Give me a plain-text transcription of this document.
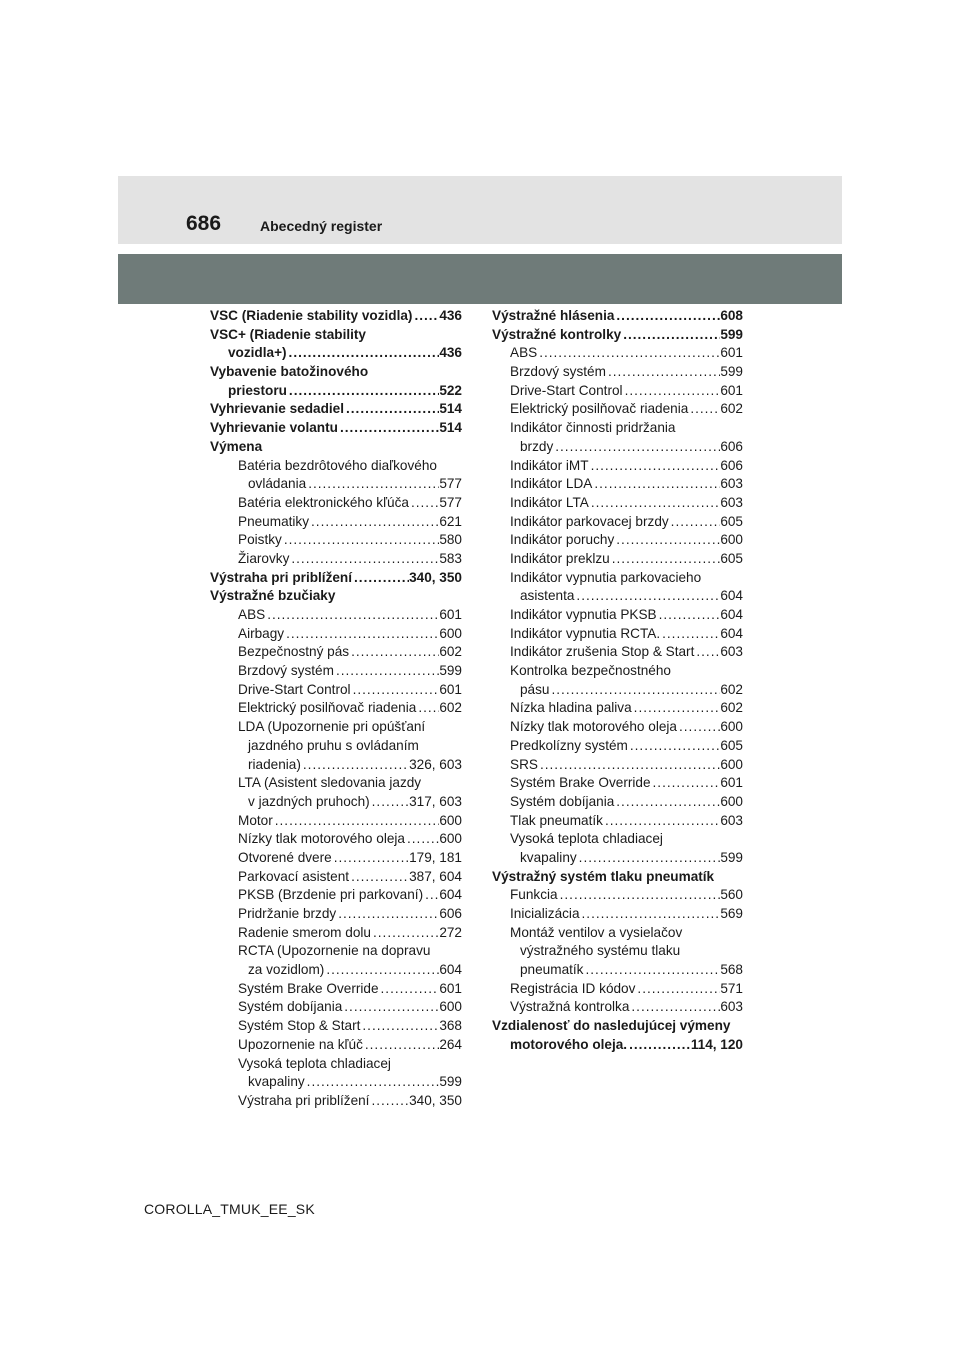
686	Abecedný register
VSC (Riadenie stability vozidla) ..... 436
VSC+ (Riadenie stability
vozidla+) .....	436
Vybavenie batožinového
priestoru .....	522
Vyhrievanie sedadiel .....	514
Vyhrievanie volantu .....	514
Výmena
Batéria bezdrôtového diaľkového
ovládania .....	577
Batéria elektronického kľúča ..... 577
Pneumatiky .....	621
Poistky .....	580
Žiarovky .....	583
Výstraha pri priblížení .....	340, 350
Výstražné bzučiaky
ABS .....	601
Airbagy .....	600
Bezpečnostný pás .....	602
Brzdový systém .....	599
Drive-Start Control .....	601
Elektrický posilňovač riadenia ..... 602
LDA (Upozornenie pri opúšťaní
jazdného pruhu s ovládaním
riadenia) .....	326, 603
LTA (Asistent sledovania jazdy
v jazdných pruhoch) .....	317, 603
Motor .....	600
Nízky tlak motorového oleja .....	600
Otvorené dvere .....	179, 181
Parkovací asistent .....	387, 604
PKSB (Brzdenie pri parkovaní) ..... 604
Pridržanie brzdy .....	606
Radenie smerom dolu .....	272
RCTA (Upozornenie na dopravu
za vozidlom) .....	604
Systém Brake Override .....	601
Systém dobíjania .....	600
Systém Stop & Start .....	368
Upozornenie na kľúč .....	264
Vysoká teplota chladiacej
kvapaliny .....	599
Výstraha pri priblížení .....	340, 350
Výstražné hlásenia .....	608
Výstražné kontrolky .....	599
ABS .....	601
Brzdový systém .....	599
Drive-Start Control .....	601
Elektrický posilňovač riadenia ..... 602
Indikátor činnosti pridržania
brzdy .....	606
Indikátor iMT .....	606
Indikátor LDA .....	603
Indikátor LTA .....	603
Indikátor parkovacej brzdy .....	605
Indikátor poruchy .....	600
Indikátor preklzu .....	605
Indikátor vypnutia parkovacieho
asistenta .....	604
Indikátor vypnutia PKSB .....	604
Indikátor vypnutia RCTA. .....	604
Indikátor zrušenia Stop & Start ..... 603
Kontrolka bezpečnostného
pásu .....	602
Nízka hladina paliva .....	602
Nízky tlak motorového oleja .....	600
Predkolízny systém .....	605
SRS .....	600
Systém Brake Override .....	601
Systém dobíjania .....	600
Tlak pneumatík .....	603
Vysoká teplota chladiacej
kvapaliny .....	599
Výstražný systém tlaku pneumatík
Funkcia .....	560
Inicializácia .....	569
Montáž ventilov a vysielačov
výstražného systému tlaku
pneumatík .....	568
Registrácia ID kódov .....	571
Výstražná kontrolka .....	603
Vzdialenosť do nasledujúcej výmeny
motorového oleja. .....	114, 120
COROLLA_TMUK_EE_SK
